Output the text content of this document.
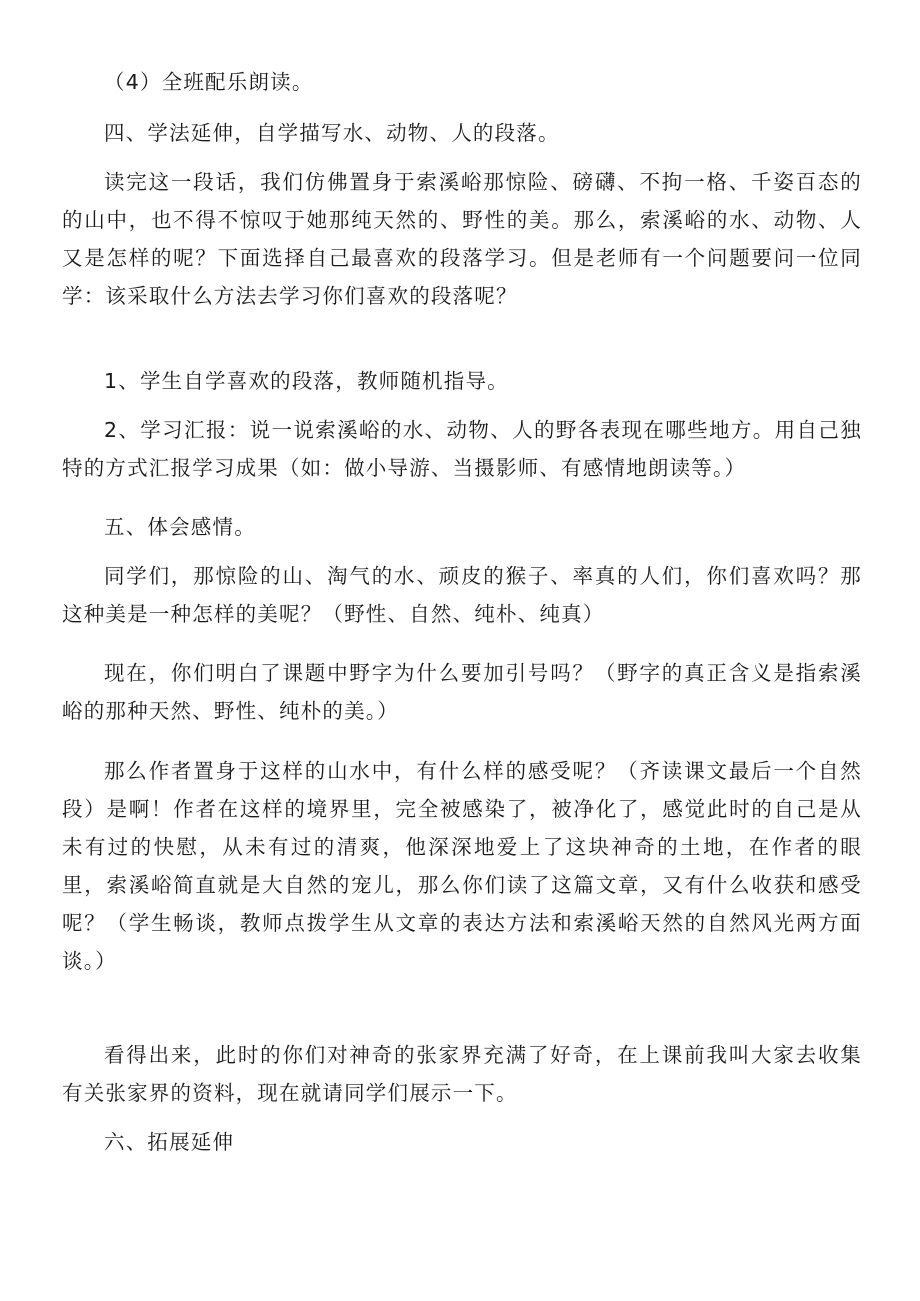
（4）全班配乐朗读。

四、学法延伸，自学描写水、动物、人的段落。

读完这一段话，我们仿佛置身于索溪峪那惊险、磅礴、不拘一格、千姿百态的的山中，也不得不惊叹于她那纯天然的、野性的美。那么，索溪峪的水、动物、人又是怎样的呢？下面选择自己最喜欢的段落学习。但是老师有一个问题要问一位同学：该采取什么方法去学习你们喜欢的段落呢？

1、学生自学喜欢的段落，教师随机指导。

2、学习汇报：说一说索溪峪的水、动物、人的野各表现在哪些地方。用自己独特的方式汇报学习成果（如：做小导游、当摄影师、有感情地朗读等。）

五、体会感情。

同学们，那惊险的山、淘气的水、顽皮的猴子、率真的人们，你们喜欢吗？那这种美是一种怎样的美呢？（野性、自然、纯朴、纯真）

现在，你们明白了课题中野字为什么要加引号吗？（野字的真正含义是指索溪峪的那种天然、野性、纯朴的美。）

那么作者置身于这样的山水中，有什么样的感受呢？（齐读课文最后一个自然段）是啊！作者在这样的境界里，完全被感染了，被净化了，感觉此时的自己是从未有过的快慰，从未有过的清爽，他深深地爱上了这块神奇的土地，在作者的眼里，索溪峪简直就是大自然的宠儿，那么你们读了这篇文章，又有什么收获和感受呢？（学生畅谈，教师点拨学生从文章的表达方法和索溪峪天然的自然风光两方面谈。）

看得出来，此时的你们对神奇的张家界充满了好奇，在上课前我叫大家去收集有关张家界的资料，现在就请同学们展示一下。

六、拓展延伸
